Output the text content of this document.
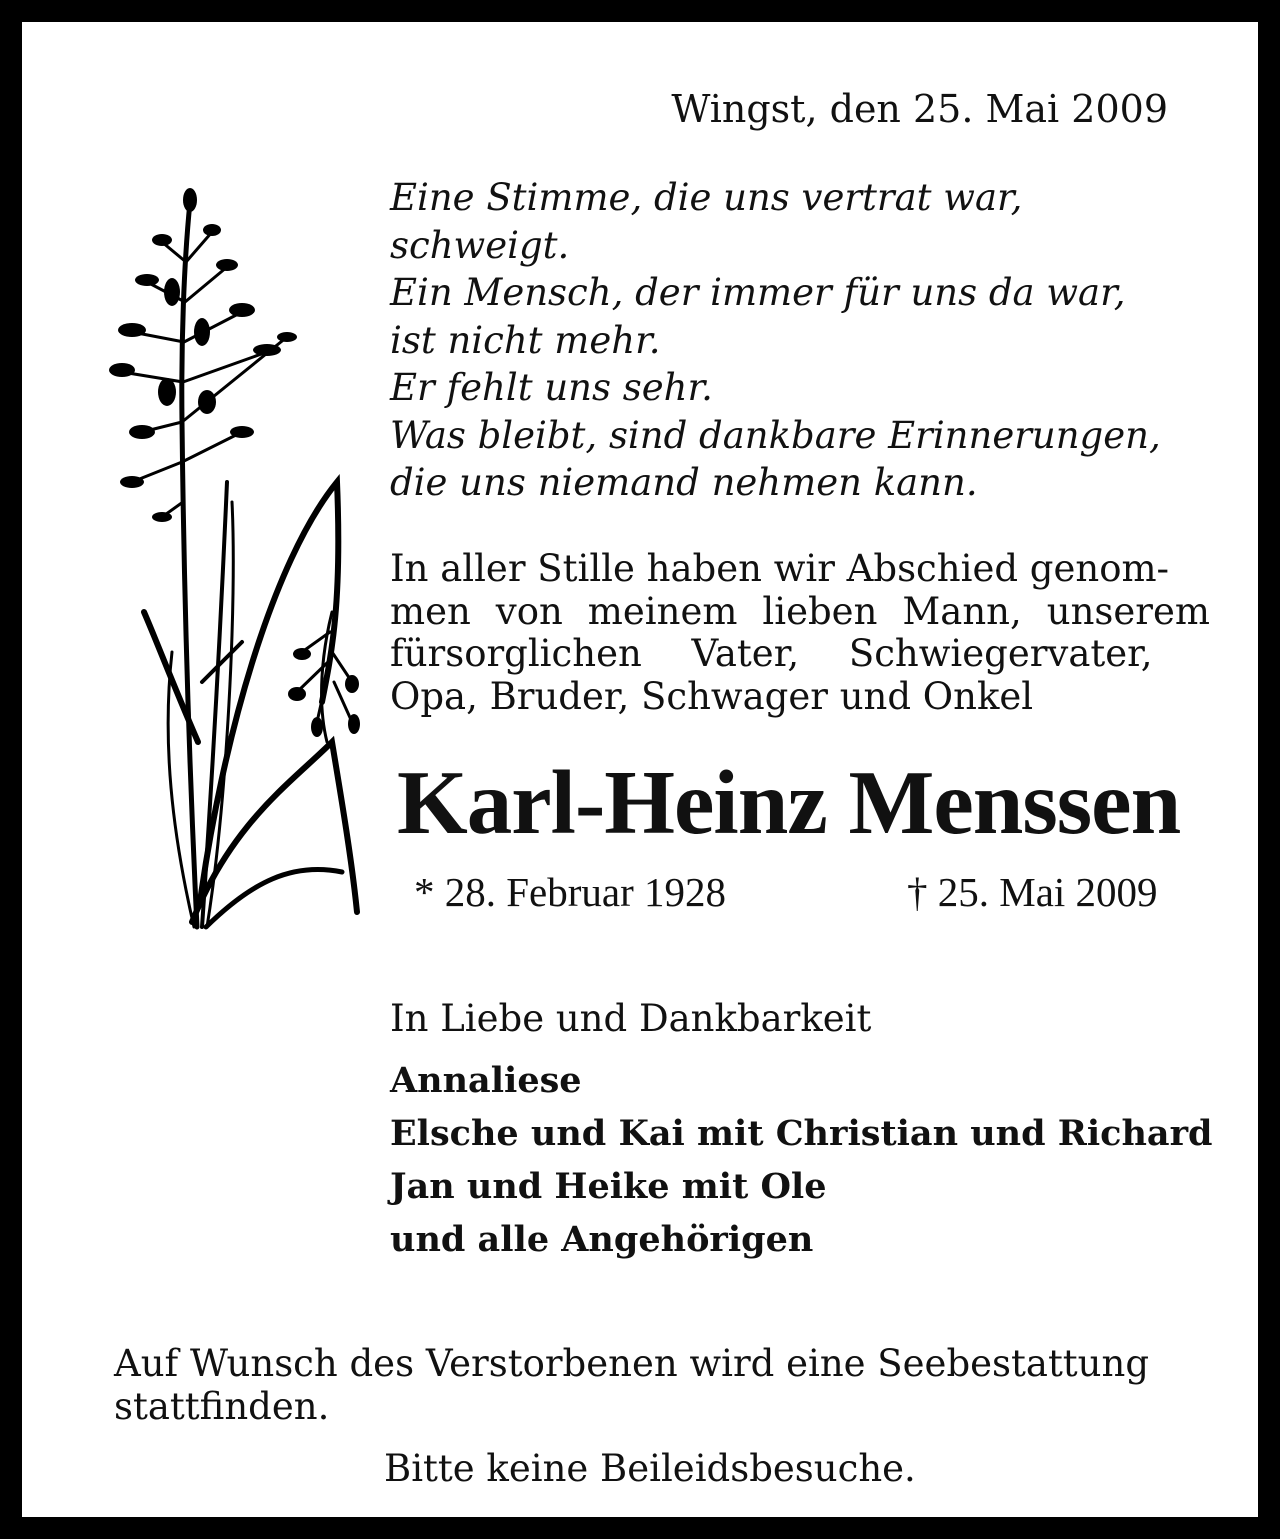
Wingst, den 25. Mai 2009
Eine Stimme, die uns vertrat war,
schweigt.
Ein Mensch, der immer für uns da war,
ist nicht mehr.
Er fehlt uns sehr.
Was bleibt, sind dankbare Erinnerungen,
die uns niemand nehmen kann.
In aller Stille haben wir Abschied genom-
men von meinem lieben Mann, unserem
fürsorglichen Vater, Schwiegervater,
Opa, Bruder, Schwager und Onkel
Karl-Heinz Menssen
* 28. Februar 1928	† 25. Mai 2009
In Liebe und Dankbarkeit
Annaliese
Elsche und Kai mit Christian und Richard
Jan und Heike mit Ole
und alle Angehörigen
Auf Wunsch des Verstorbenen wird eine Seebestattung
stattfinden.
Bitte keine Beileidsbesuche.
